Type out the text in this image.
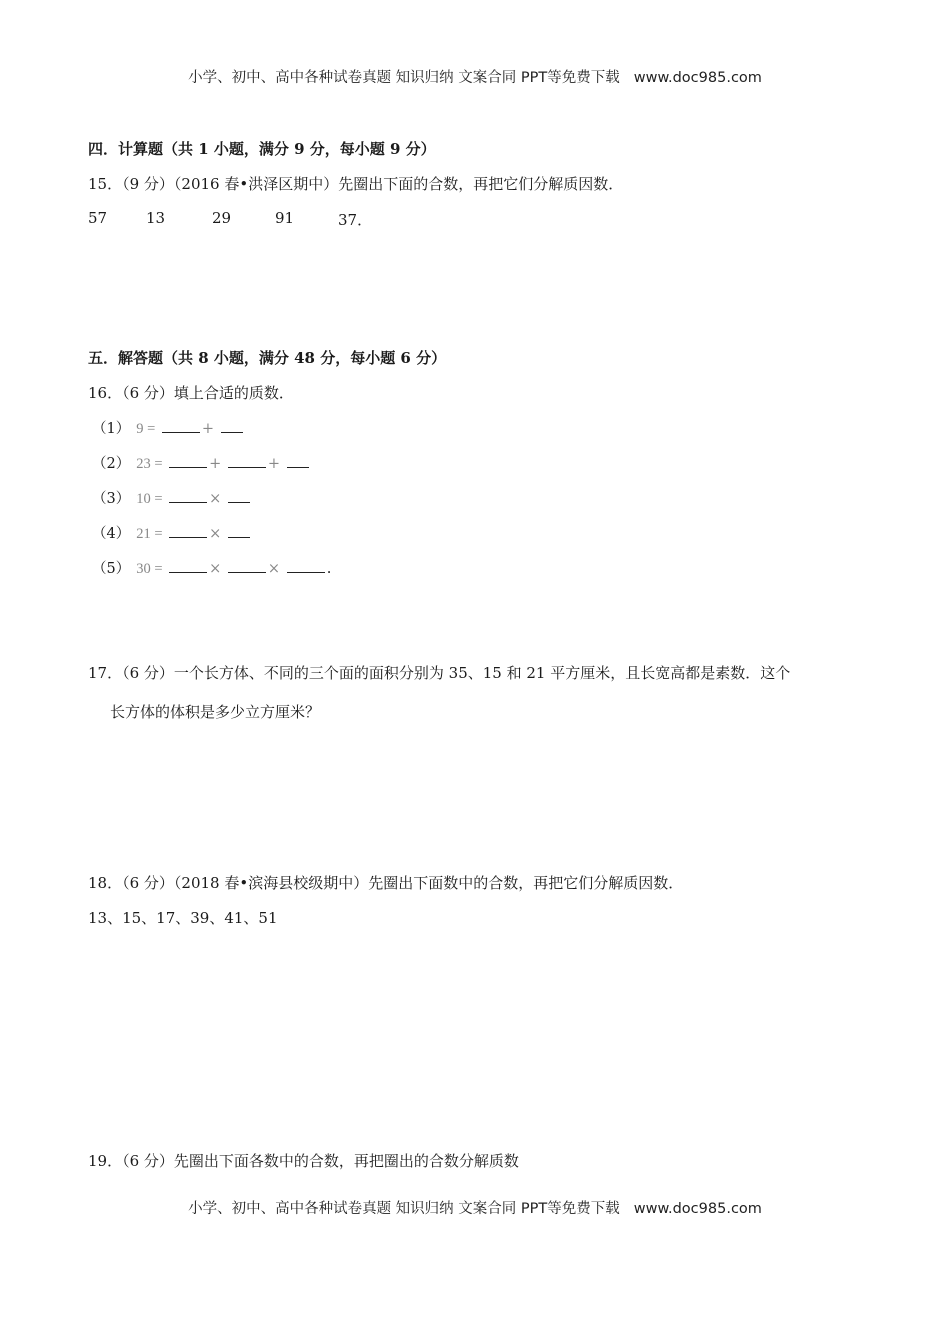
小学、初中、高中各种试卷真题 知识归纳 文案合同 PPT等免费下载 www.doc985.com
四．计算题（共 1 小题，满分 9 分，每小题 9 分）
15．（9 分）（2016 春•洪泽区期中）先圈出下面的合数，再把它们分解质因数．
57	13	29	91	37．
五．解答题（共 8 小题，满分 48 分，每小题 6 分）
16．（6 分）填上合适的质数．
（1） 9 =	+
（2） 23 =	+	+
（3） 10 =	×
（4） 21 =	×
（5） 30 =	×	×	.
17．（6 分）一个长方体、不同的三个面的面积分别为 35、15 和 21 平方厘米，且长宽高都是素数．这个
长方体的体积是多少立方厘米？
18．（6 分）（2018 春•滨海县校级期中）先圈出下面数中的合数，再把它们分解质因数．
13、15、17、39、41、51
19．（6 分）先圈出下面各数中的合数，再把圈出的合数分解质数
小学、初中、高中各种试卷真题 知识归纳 文案合同 PPT等免费下载 www.doc985.com
